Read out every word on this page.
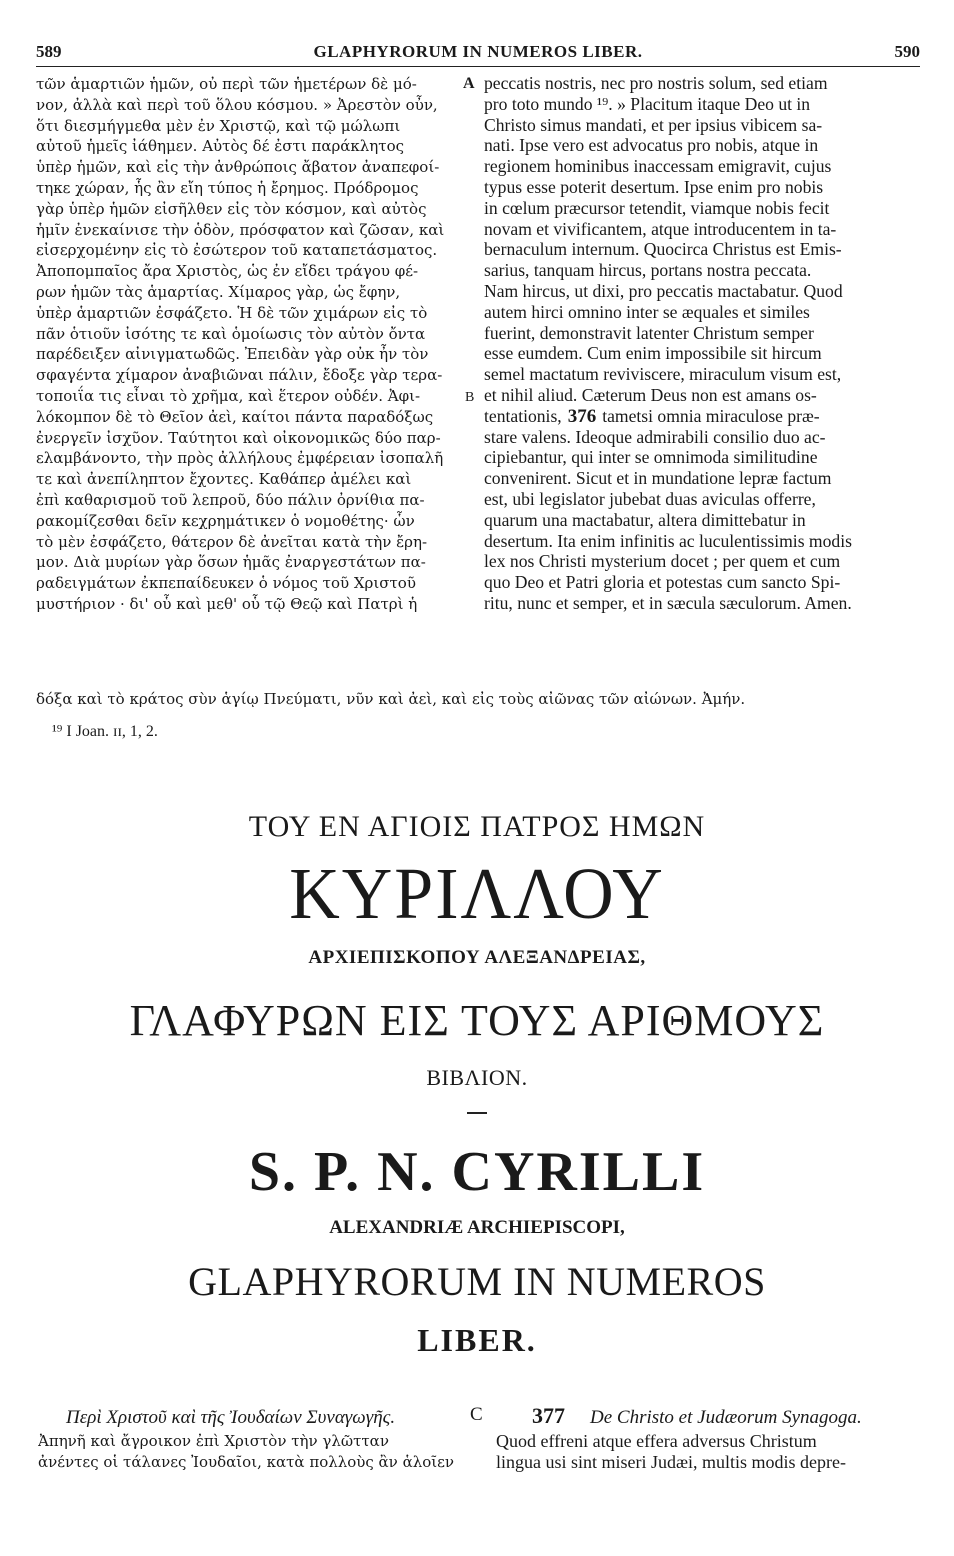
589	GLAPHYRORUM IN NUMEROS LIBER.	590
τῶν ἁμαρτιῶν ἡμῶν, οὐ περὶ τῶν ἡμετέρων δὲ μό-
νον, ἀλλὰ καὶ περὶ τοῦ ὅλου κόσμου. » Ἀρεστὸν οὖν,
ὅτι διεσμήγμεθα μὲν ἐν Χριστῷ, καὶ τῷ μώλωπι
αὐτοῦ ἡμεῖς ἰάθημεν. Αὐτὸς δέ ἐστι παράκλητος
ὑπὲρ ἡμῶν, καὶ εἰς τὴν ἀνθρώποις ἄβατον ἀναπεφοί-
τηκε χώραν, ἧς ἂν εἴη τύπος ἡ ἔρημος. Πρόδρομος
γὰρ ὑπὲρ ἡμῶν εἰσῆλθεν εἰς τὸν κόσμον, καὶ αὐτὸς
ἡμῖν ἐνεκαίνισε τὴν ὁδὸν, πρόσφατον καὶ ζῶσαν, καὶ
εἰσερχομένην εἰς τὸ ἐσώτερον τοῦ καταπετάσματος.
Ἀποπομπαῖος ἄρα Χριστὸς, ὡς ἐν εἴδει τράγου φέ-
ρων ἡμῶν τὰς ἁμαρτίας. Χίμαρος γὰρ, ὡς ἔφην,
ὑπὲρ ἁμαρτιῶν ἐσφάζετο. Ἡ δὲ τῶν χιμάρων εἰς τὸ
πᾶν ὁτιοῦν ἰσότης τε καὶ ὁμοίωσις τὸν αὐτὸν ὄντα
παρέδειξεν αἰνιγματωδῶς. Ἐπειδὰν γὰρ οὐκ ἦν τὸν
σφαγέντα χίμαρον ἀναβιῶναι πάλιν, ἔδοξε γὰρ τερα-
τοποιΐα τις εἶναι τὸ χρῆμα, καὶ ἕτερον οὐδέν. Ἀφι-
λόκομπον δὲ τὸ Θεῖον ἀεὶ, καίτοι πάντα παραδόξως
ἐνεργεῖν ἰσχῦον. Ταύτητοι καὶ οἰκονομικῶς δύο παρ-
ελαμβάνοντο, τὴν πρὸς ἀλλήλους ἐμφέρειαν ἰσοπαλῆ
τε καὶ ἀνεπίληπτον ἔχοντες. Καθάπερ ἀμέλει καὶ
ἐπὶ καθαρισμοῦ τοῦ λεπροῦ, δύο πάλιν ὀρνίθια πα-
ρακομίζεσθαι δεῖν κεχρημάτικεν ὁ νομοθέτης· ὧν
τὸ μὲν ἐσφάζετο, θάτερον δὲ ἀνεῖται κατὰ τὴν ἔρη-
μον. Διὰ μυρίων γὰρ ὅσων ἡμᾶς ἐναργεστάτων πα-
ραδειγμάτων ἐκπεπαίδευκεν ὁ νόμος τοῦ Χριστοῦ
μυστήριον · δι' οὗ καὶ μεθ' οὗ τῷ Θεῷ καὶ Πατρὶ ἡ
A
B
peccatis nostris, nec pro nostris solum, sed etiam
pro toto mundo ¹⁹. » Placitum itaque Deo ut in
Christo simus mandati, et per ipsius vibicem sa-
nati. Ipse vero est advocatus pro nobis, atque in
regionem hominibus inaccessam emigravit, cujus
typus esse poterit desertum. Ipse enim pro nobis
in cœlum præcursor tetendit, viamque nobis fecit
novam et vivificantem, atque introducentem in ta-
bernaculum internum. Quocirca Christus est Emis-
sarius, tanquam hircus, portans nostra peccata.
Nam hircus, ut dixi, pro peccatis mactabatur. Quod
autem hirci omnino inter se æquales et similes
fuerint, demonstravit latenter Christum semper
esse eumdem. Cum enim impossibile sit hircum
semel mactatum reviviscere, miraculum visum est,
et nihil aliud. Cæterum Deus non est amans os-
tentationis, 376 tametsi omnia miraculose præ-
stare valens. Ideoque admirabili consilio duo ac-
cipiebantur, qui inter se omnimoda similitudine
convenirent. Sicut et in mundatione lepræ factum
est, ubi legislator jubebat duas aviculas offerre,
quarum una mactabatur, altera dimittebatur in
desertum. Ita enim infinitis ac luculentissimis modis
lex nos Christi mysterium docet ; per quem et cum
quo Deo et Patri gloria et potestas cum sancto Spi-
ritu, nunc et semper, et in sæcula sæculorum. Amen.
δόξα καὶ τὸ κράτος σὺν ἁγίῳ Πνεύματι, νῦν καὶ ἀεὶ, καὶ εἰς τοὺς αἰῶνας τῶν αἰώνων. Ἀμήν.
¹⁹ I Joan. ɪɪ, 1, 2.
ΤΟΥ ΕΝ ΑΓΙΟΙΣ ΠΑΤΡΟΣ ΗΜΩΝ
ΚΥΡΙΛΛΟΥ
ΑΡΧΙΕΠΙΣΚΟΠΟΥ ΑΛΕΞΑΝΔΡΕΙΑΣ,
ΓΛΑΦΥΡΩΝ ΕΙΣ ΤΟΥΣ ΑΡΙΘΜΟΥΣ
ΒΙΒΛΙΟΝ.
S. P. N. CYRILLI
ALEXANDRIÆ ARCHIEPISCOPI,
GLAPHYRORUM IN NUMEROS
LIBER.
Περὶ Χριστοῦ καὶ τῆς Ἰουδαίων Συναγωγῆς.	C 377 De Christo et Judæorum Synagoga.
Ἀπηνῆ καὶ ἄγροικον ἐπὶ Χριστὸν τὴν γλῶτταν
ἀνέντες οἱ τάλανες Ἰουδαῖοι, κατὰ πολλοὺς ἂν ἁλοῖεν
Quod effreni atque effera adversus Christum
lingua usi sint miseri Judæi, multis modis depre-
